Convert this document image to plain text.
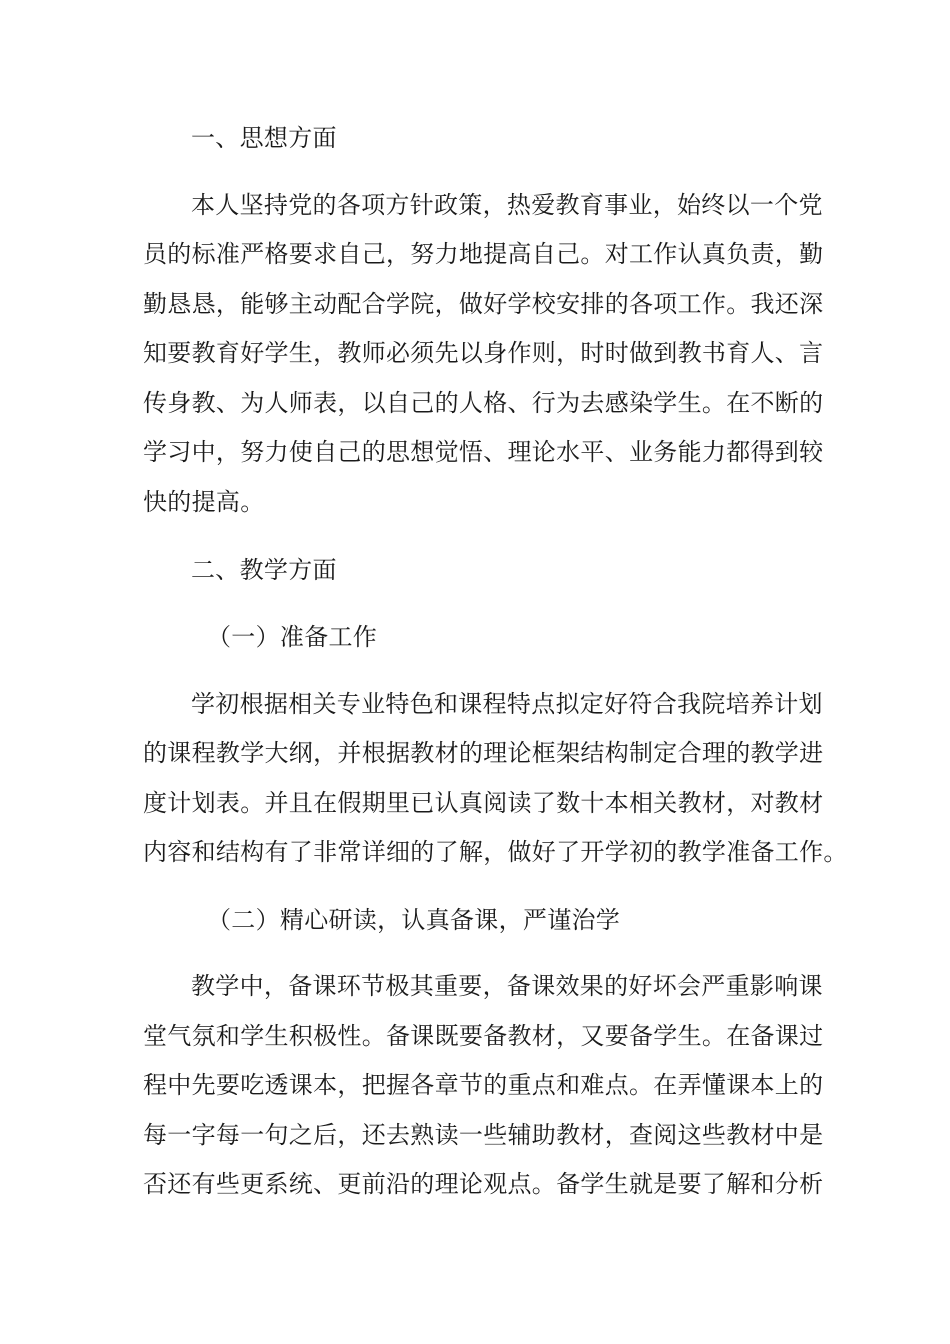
一、思想方面
本人坚持党的各项方针政策，热爱教育事业，始终以一个党
员的标准严格要求自己，努力地提高自己。对工作认真负责，勤
勤恳恳，能够主动配合学院，做好学校安排的各项工作。我还深
知要教育好学生，教师必须先以身作则，时时做到教书育人、言
传身教、为人师表，以自己的人格、行为去感染学生。在不断的
学习中，努力使自己的思想觉悟、理论水平、业务能力都得到较
快的提高。
二、教学方面
（一）准备工作
学初根据相关专业特色和课程特点拟定好符合我院培养计划
的课程教学大纲，并根据教材的理论框架结构制定合理的教学进
度计划表。并且在假期里已认真阅读了数十本相关教材，对教材
内容和结构有了非常详细的了解，做好了开学初的教学准备工作。
（二）精心研读，认真备课，严谨治学
教学中，备课环节极其重要，备课效果的好坏会严重影响课
堂气氛和学生积极性。备课既要备教材，又要备学生。在备课过
程中先要吃透课本，把握各章节的重点和难点。在弄懂课本上的
每一字每一句之后，还去熟读一些辅助教材，查阅这些教材中是
否还有些更系统、更前沿的理论观点。备学生就是要了解和分析
